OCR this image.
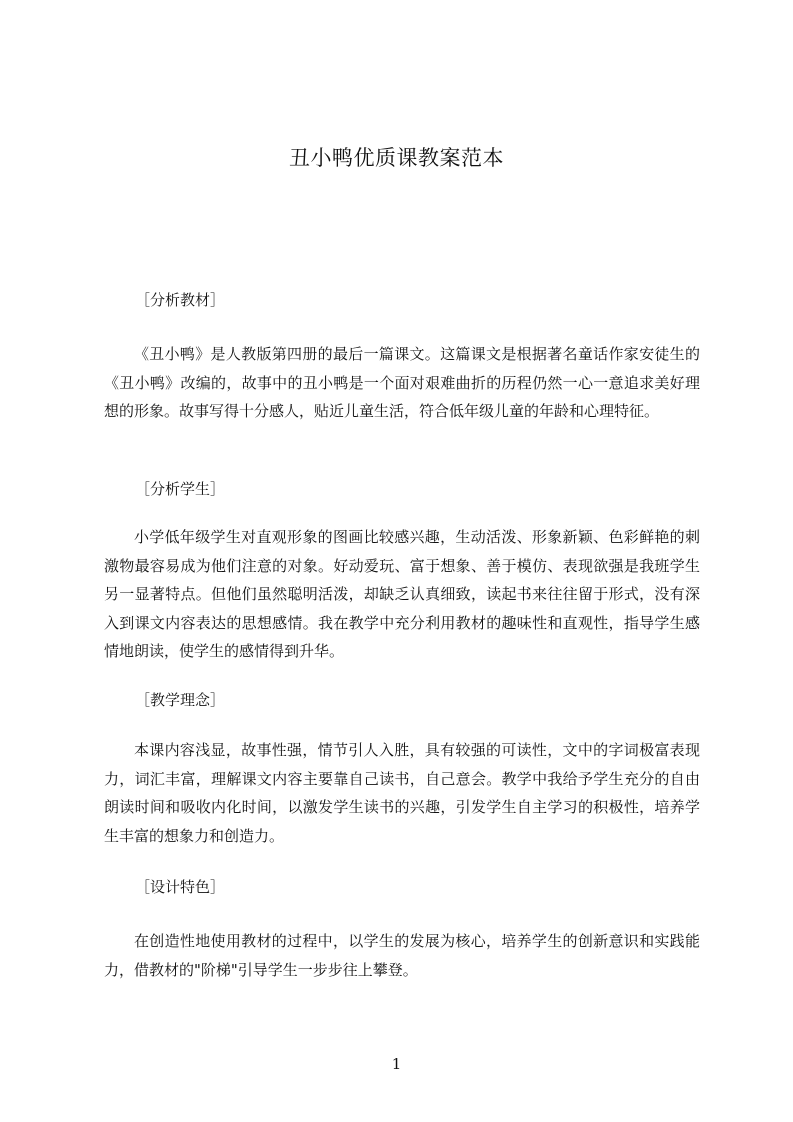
丑小鸭优质课教案范本
［分析教材］
《丑小鸭》是人教版第四册的最后一篇课文。这篇课文是根据著名童话作家安徒生的《丑小鸭》改编的，故事中的丑小鸭是一个面对艰难曲折的历程仍然一心一意追求美好理想的形象。故事写得十分感人，贴近儿童生活，符合低年级儿童的年龄和心理特征。
［分析学生］
小学低年级学生对直观形象的图画比较感兴趣，生动活泼、形象新颖、色彩鲜艳的刺激物最容易成为他们注意的对象。好动爱玩、富于想象、善于模仿、表现欲强是我班学生另一显著特点。但他们虽然聪明活泼，却缺乏认真细致，读起书来往往留于形式，没有深入到课文内容表达的思想感情。我在教学中充分利用教材的趣味性和直观性，指导学生感情地朗读，使学生的感情得到升华。
［教学理念］
本课内容浅显，故事性强，情节引人入胜，具有较强的可读性，文中的字词极富表现力，词汇丰富，理解课文内容主要靠自己读书，自己意会。教学中我给予学生充分的自由朗读时间和吸收内化时间，以激发学生读书的兴趣，引发学生自主学习的积极性，培养学生丰富的想象力和创造力。
［设计特色］
在创造性地使用教材的过程中，以学生的发展为核心，培养学生的创新意识和实践能力，借教材的"阶梯"引导学生一步步往上攀登。
1
